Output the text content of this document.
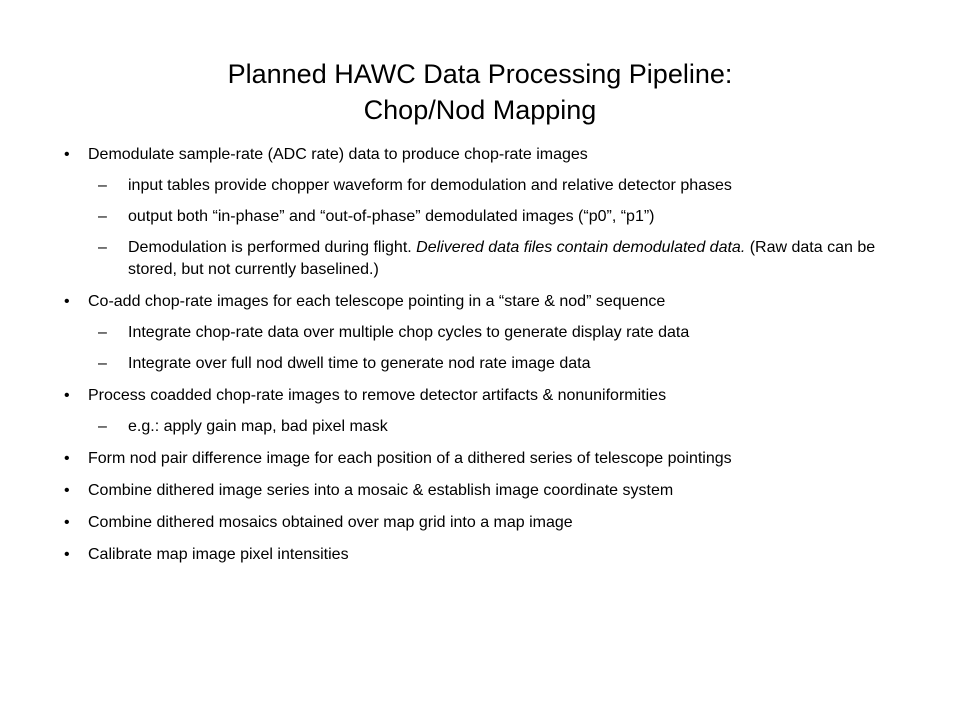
Planned HAWC Data Processing Pipeline:
Chop/Nod Mapping
•	Demodulate sample-rate (ADC rate) data to produce chop-rate images
–	input tables provide chopper waveform for demodulation and relative detector phases
–	output both “in-phase” and “out-of-phase” demodulated images (“p0”, “p1”)
–	Demodulation is performed during flight. Delivered data files contain demodulated data. (Raw data can be stored, but not currently baselined.)
•	Co-add chop-rate images for each telescope pointing in a “stare & nod” sequence
–	Integrate chop-rate data over multiple chop cycles to generate display rate data
–	Integrate over full nod dwell time to generate nod rate image data
•	Process coadded chop-rate images to remove detector artifacts & nonuniformities
–	e.g.: apply gain map, bad pixel mask
•	Form nod pair difference image for each position of a dithered series of telescope pointings
•	Combine dithered image series into a mosaic & establish image coordinate system
•	Combine dithered mosaics obtained over map grid into a map image
•	Calibrate map image pixel intensities
